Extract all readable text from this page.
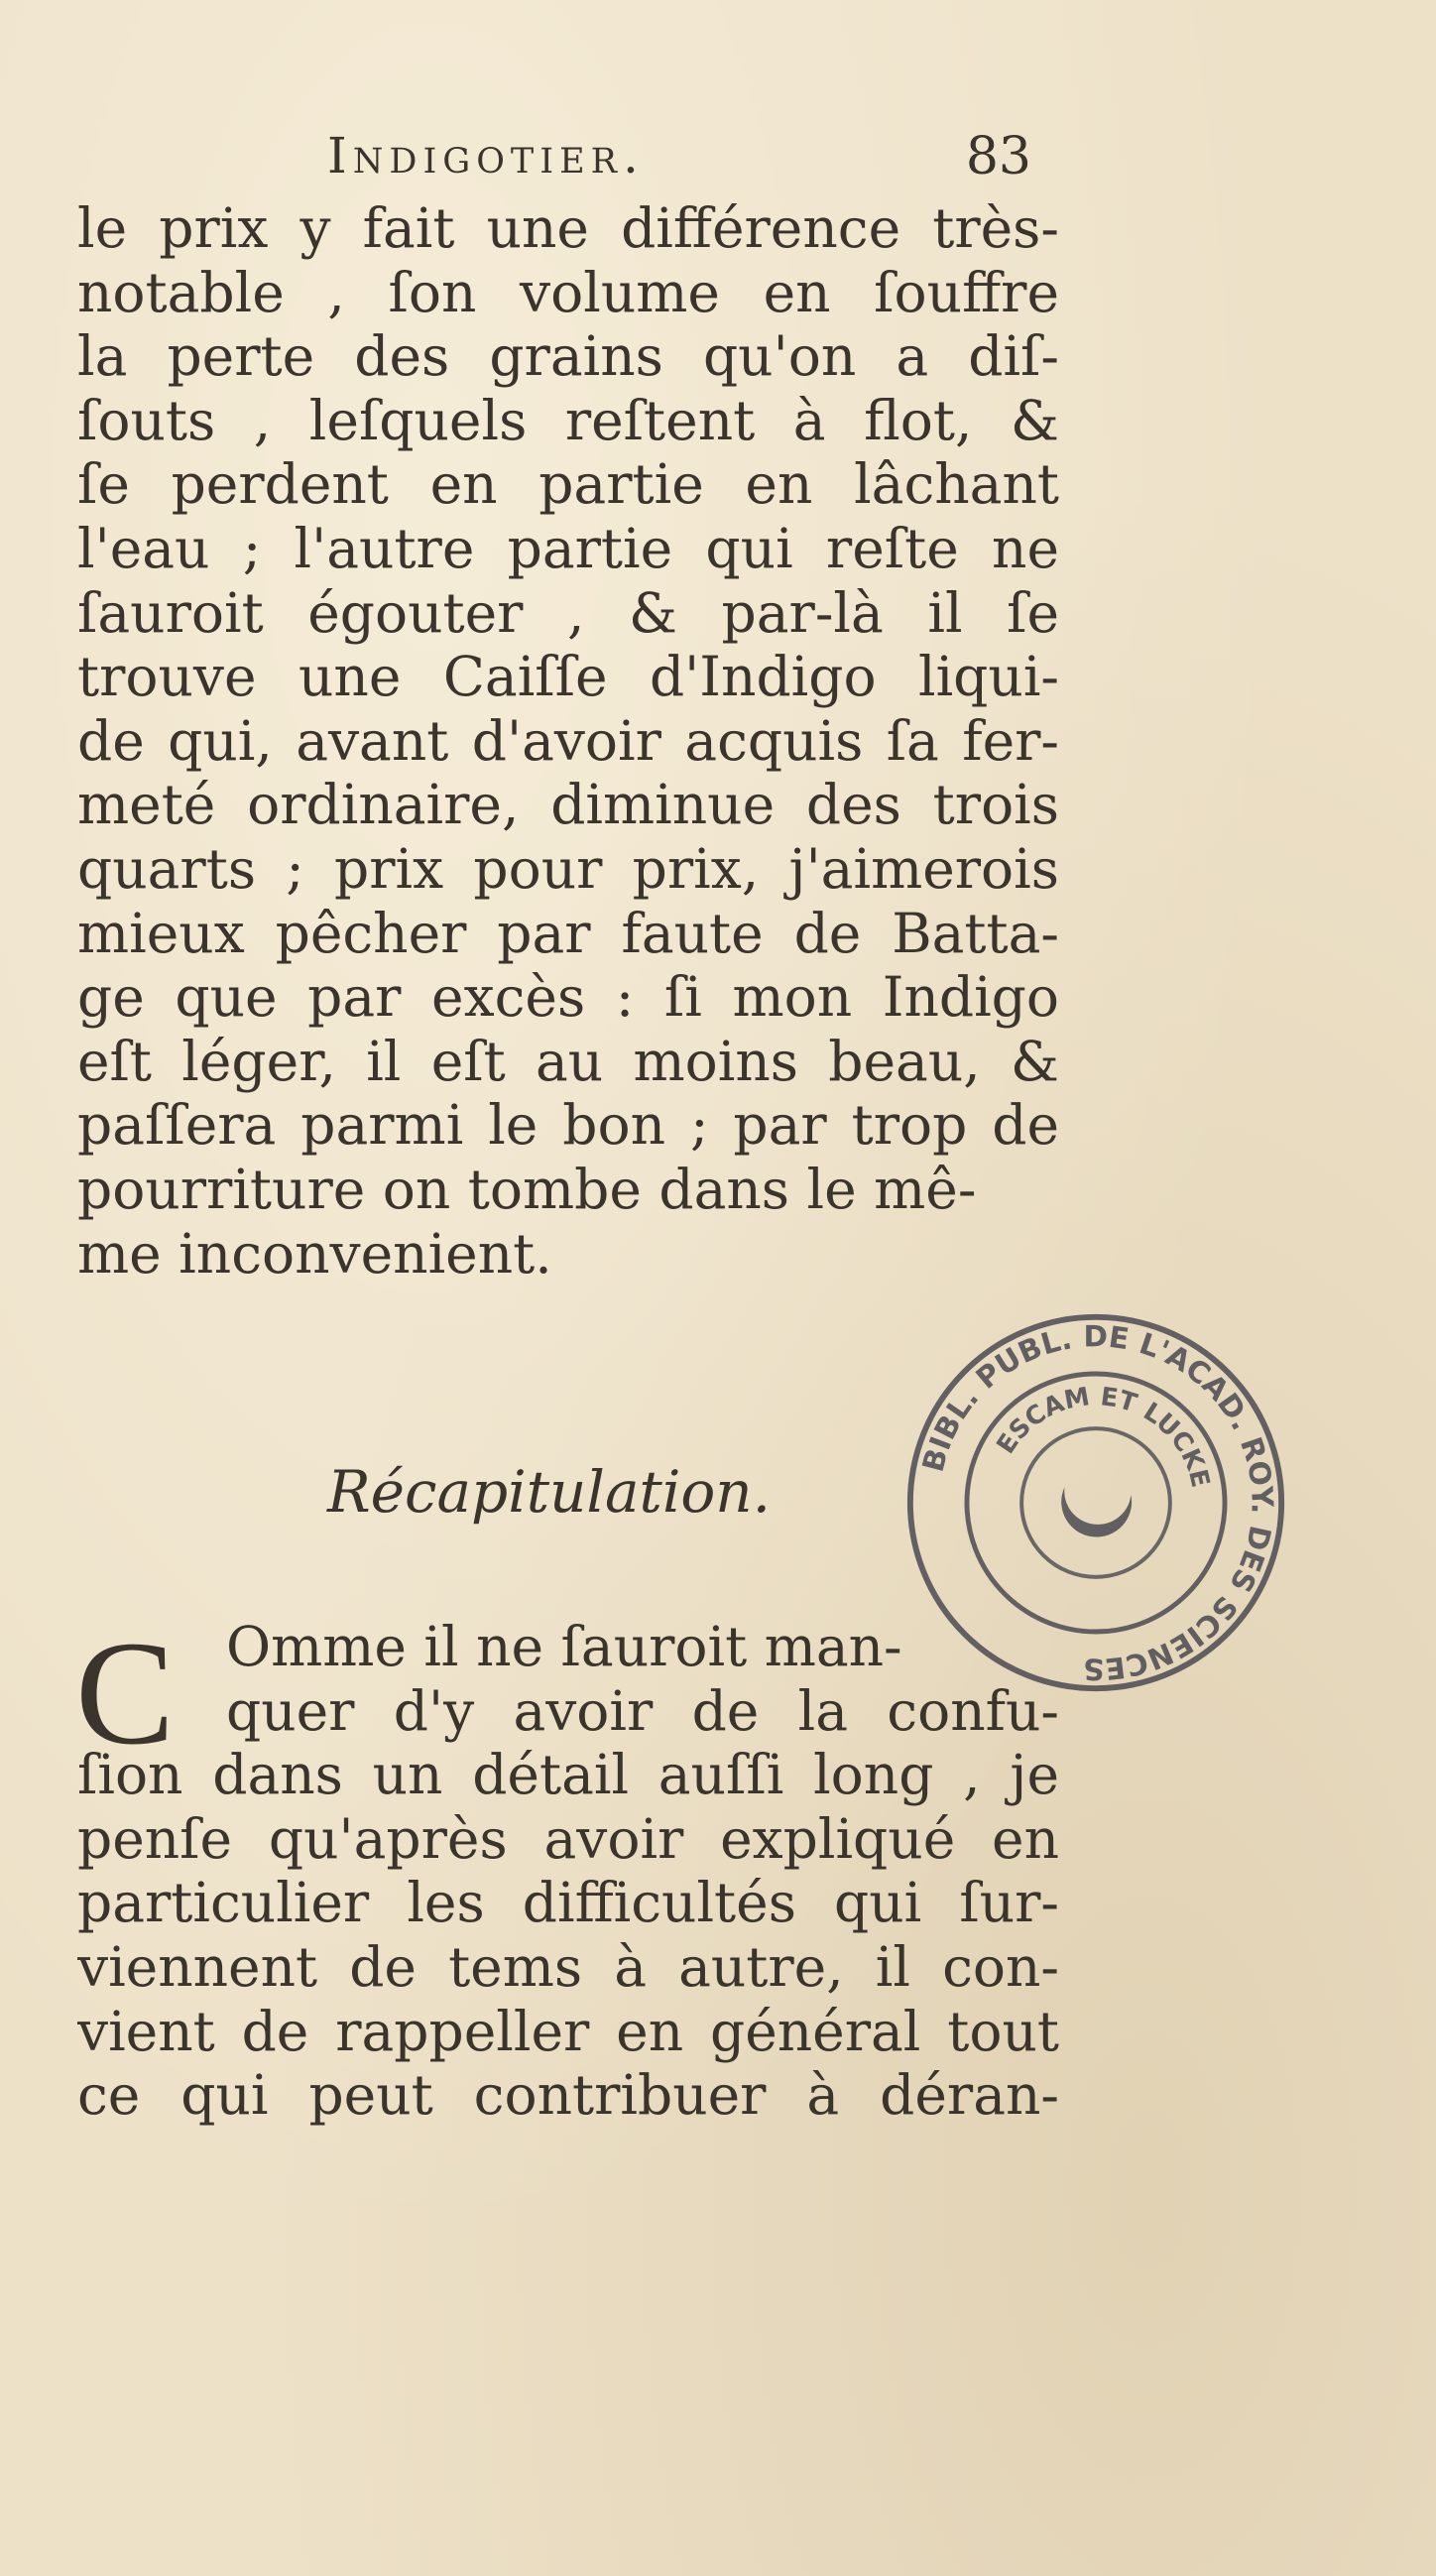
Indigotier.	83
le prix y fait une différence très-
notable , ſon volume en ſouffre
la perte des grains qu'on a diſ-
ſouts , leſquels reſtent à flot, &
ſe perdent en partie en lâchant
l'eau ; l'autre partie qui reſte ne
ſauroit égouter , & par-là il ſe
trouve une Caiſſe d'Indigo liqui-
de qui, avant d'avoir acquis ſa fer-
meté ordinaire, diminue des trois
quarts ; prix pour prix, j'aimerois
mieux pêcher par faute de Batta-
ge que par excès : ſi mon Indigo
eſt léger, il eſt au moins beau, &
paſſera parmi le bon ; par trop de
pourriture on tombe dans le mê-
me inconvenient.
Récapitulation.
C Omme il ne ſauroit man-
quer d'y avoir de la confu-
ſion dans un détail auſſi long , je
penſe qu'après avoir expliqué en
particulier les difficultés qui ſur-
viennent de tems à autre, il con-
vient de rappeller en général tout
ce qui peut contribuer à déran-
BIBL. PUBL. DE L'ACAD. ROY. DES SCIENCES
ESCAM ET LUCKE
